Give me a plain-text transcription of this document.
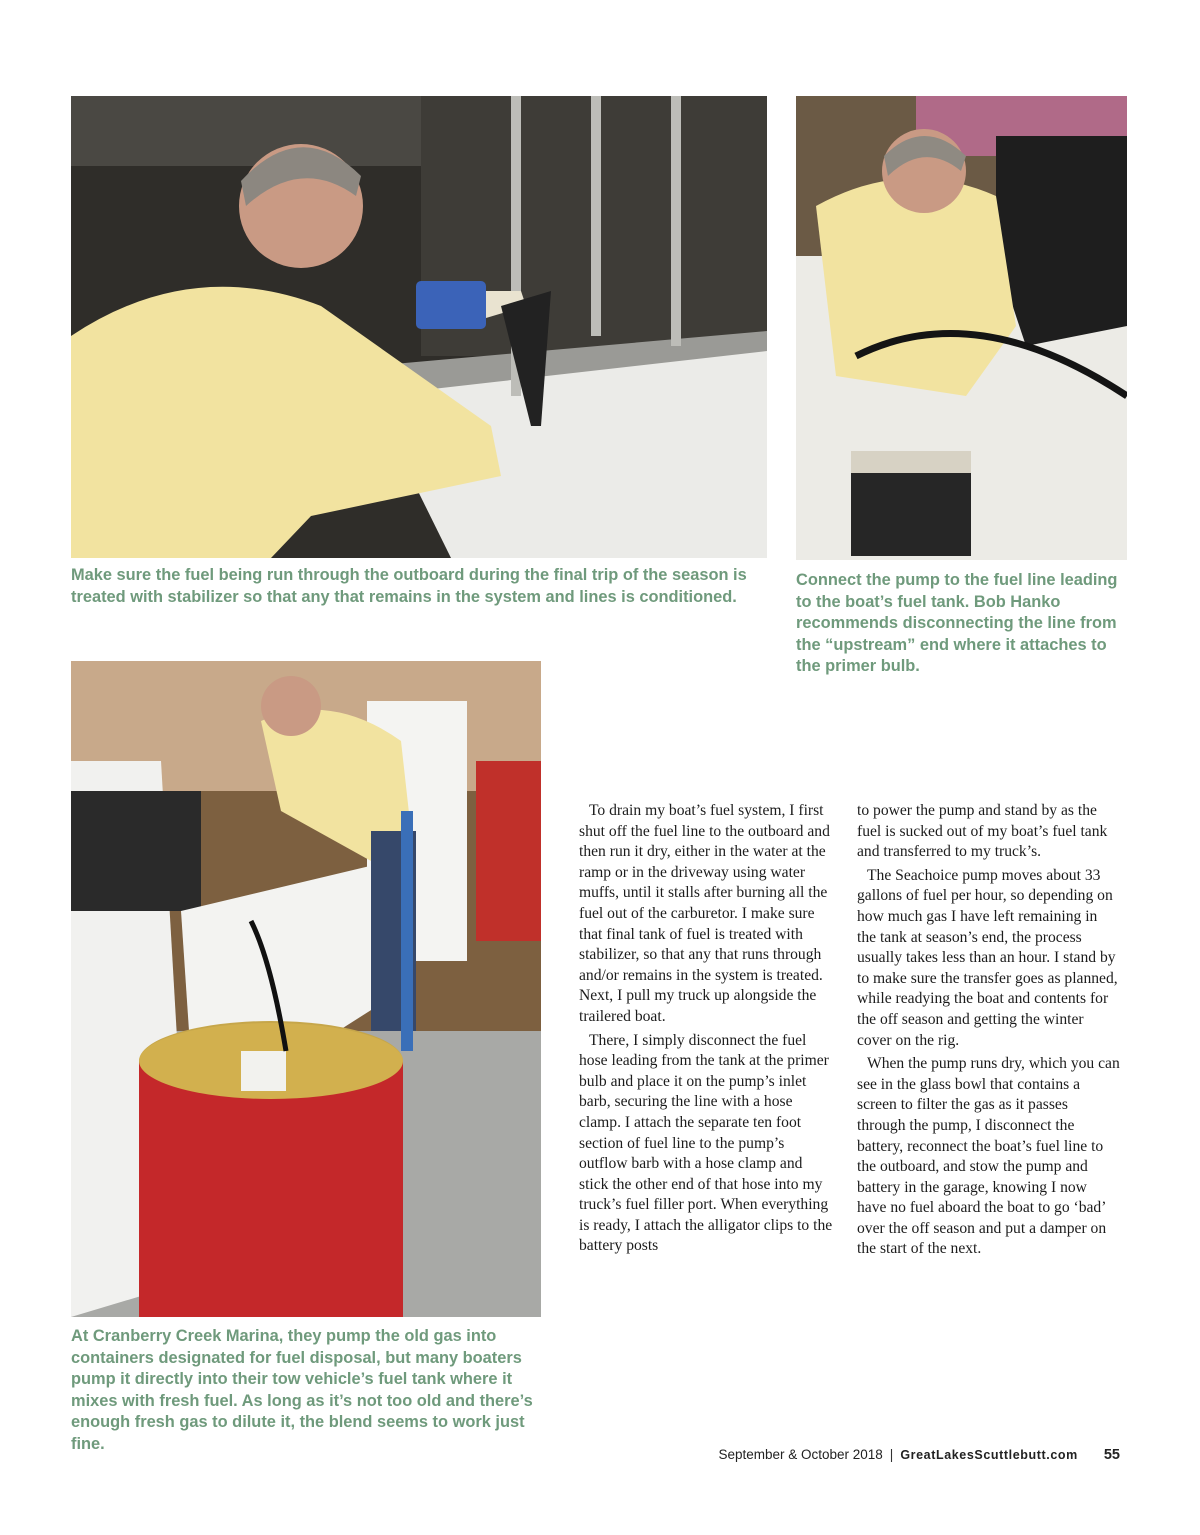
Make sure the fuel being run through the outboard during the final trip of the season is treated with stabilizer so that any that remains in the system and lines is conditioned.

Connect the pump to the fuel line leading to the boat’s fuel tank. Bob Hanko recommends disconnecting the line from the “upstream” end where it attaches to the primer bulb.

At Cranberry Creek Marina, they pump the old gas into containers designated for fuel disposal, but many boaters pump it directly into their tow vehicle’s fuel tank where it mixes with fresh fuel. As long as it’s not too old and there’s enough fresh gas to dilute it, the blend seems to work just fine.

To drain my boat’s fuel system, I first shut off the fuel line to the outboard and then run it dry, either in the water at the ramp or in the driveway using water muffs, until it stalls after burning all the fuel out of the carburetor. I make sure that final tank of fuel is treated with stabilizer, so that any that runs through and/or remains in the system is treated. Next, I pull my truck up alongside the trailered boat.

There, I simply disconnect the fuel hose leading from the tank at the primer bulb and place it on the pump’s inlet barb, securing the line with a hose clamp. I attach the separate ten foot section of fuel line to the pump’s outflow barb with a hose clamp and stick the other end of that hose into my truck’s fuel filler port. When everything is ready, I attach the alligator clips to the battery posts

to power the pump and stand by as the fuel is sucked out of my boat’s fuel tank and transferred to my truck’s.

The Seachoice pump moves about 33 gallons of fuel per hour, so depending on how much gas I have left remaining in the tank at season’s end, the process usually takes less than an hour. I stand by to make sure the transfer goes as planned, while readying the boat and contents for the off season and getting the winter cover on the rig.

When the pump runs dry, which you can see in the glass bowl that contains a screen to filter the gas as it passes through the pump, I disconnect the battery, reconnect the boat’s fuel line to the outboard, and stow the pump and battery in the garage, knowing I now have no fuel aboard the boat to go ‘bad’ over the off season and put a damper on the start of the next.

September & October 2018 | GreatLakesScuttlebutt.com 55
